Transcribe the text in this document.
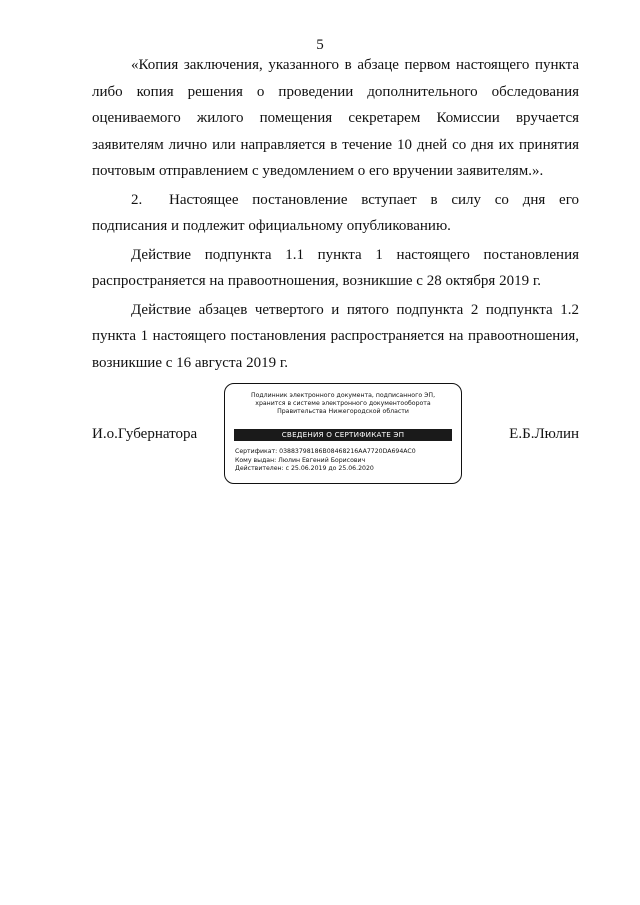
5

«Копия заключения, указанного в абзаце первом настоящего пункта либо копия решения о проведении дополнительного обследования оцениваемого жилого помещения секретарем Комиссии вручается заявителям лично или направляется в течение 10 дней со дня их принятия почтовым отправлением с уведомлением о его вручении заявителям.».

2. Настоящее постановление вступает в силу со дня его подписания и подлежит официальному опубликованию.

Действие подпункта 1.1 пункта 1 настоящего постановления распространяется на правоотношения, возникшие с 28 октября 2019 г.

Действие абзацев четвертого и пятого подпункта 2 подпункта 1.2 пункта 1 настоящего постановления распространяется на правоотношения, возникшие с 16 августа 2019 г.

И.о.Губернатора
Подлинник электронного документа, подписанного ЭП,
хранится в системе электронного документооборота
Правительства Нижегородской области
СВЕДЕНИЯ О СЕРТИФИКАТЕ ЭП
Сертификат: 03883798186B08468216AA7720DA694AC0
Кому выдан: Люлин Евгений Борисович
Действителен: с 25.06.2019 до 25.06.2020
Е.Б.Люлин
